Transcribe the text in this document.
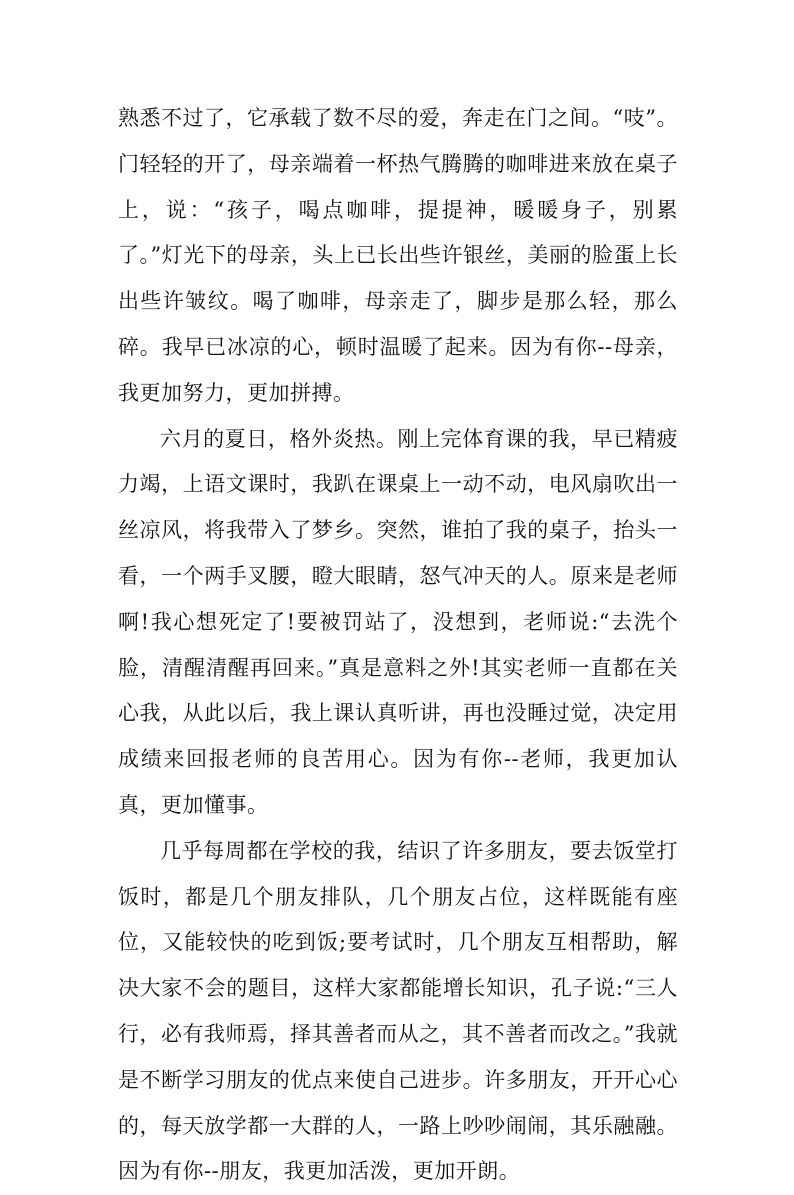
熟悉不过了，它承载了数不尽的爱，奔走在门之间。“吱”。门轻轻的开了，母亲端着一杯热气腾腾的咖啡进来放在桌子上，说：“孩子，喝点咖啡，提提神，暖暖身子，别累了。”灯光下的母亲，头上已长出些许银丝，美丽的脸蛋上长出些许皱纹。喝了咖啡，母亲走了，脚步是那么轻，那么碎。我早已冰凉的心，顿时温暖了起来。因为有你--母亲，我更加努力，更加拼搏。

六月的夏日，格外炎热。刚上完体育课的我，早已精疲力竭，上语文课时，我趴在课桌上一动不动，电风扇吹出一丝凉风，将我带入了梦乡。突然，谁拍了我的桌子，抬头一看，一个两手叉腰，瞪大眼睛，怒气冲天的人。原来是老师啊!我心想死定了!要被罚站了，没想到，老师说:“去洗个脸，清醒清醒再回来。”真是意料之外!其实老师一直都在关心我，从此以后，我上课认真听讲，再也没睡过觉，决定用成绩来回报老师的良苦用心。因为有你--老师，我更加认真，更加懂事。

几乎每周都在学校的我，结识了许多朋友，要去饭堂打饭时，都是几个朋友排队，几个朋友占位，这样既能有座位，又能较快的吃到饭;要考试时，几个朋友互相帮助，解决大家不会的题目，这样大家都能增长知识，孔子说:“三人行，必有我师焉，择其善者而从之，其不善者而改之。”我就是不断学习朋友的优点来使自己进步。许多朋友，开开心心的，每天放学都一大群的人，一路上吵吵闹闹，其乐融融。因为有你--朋友，我更加活泼，更加开朗。
